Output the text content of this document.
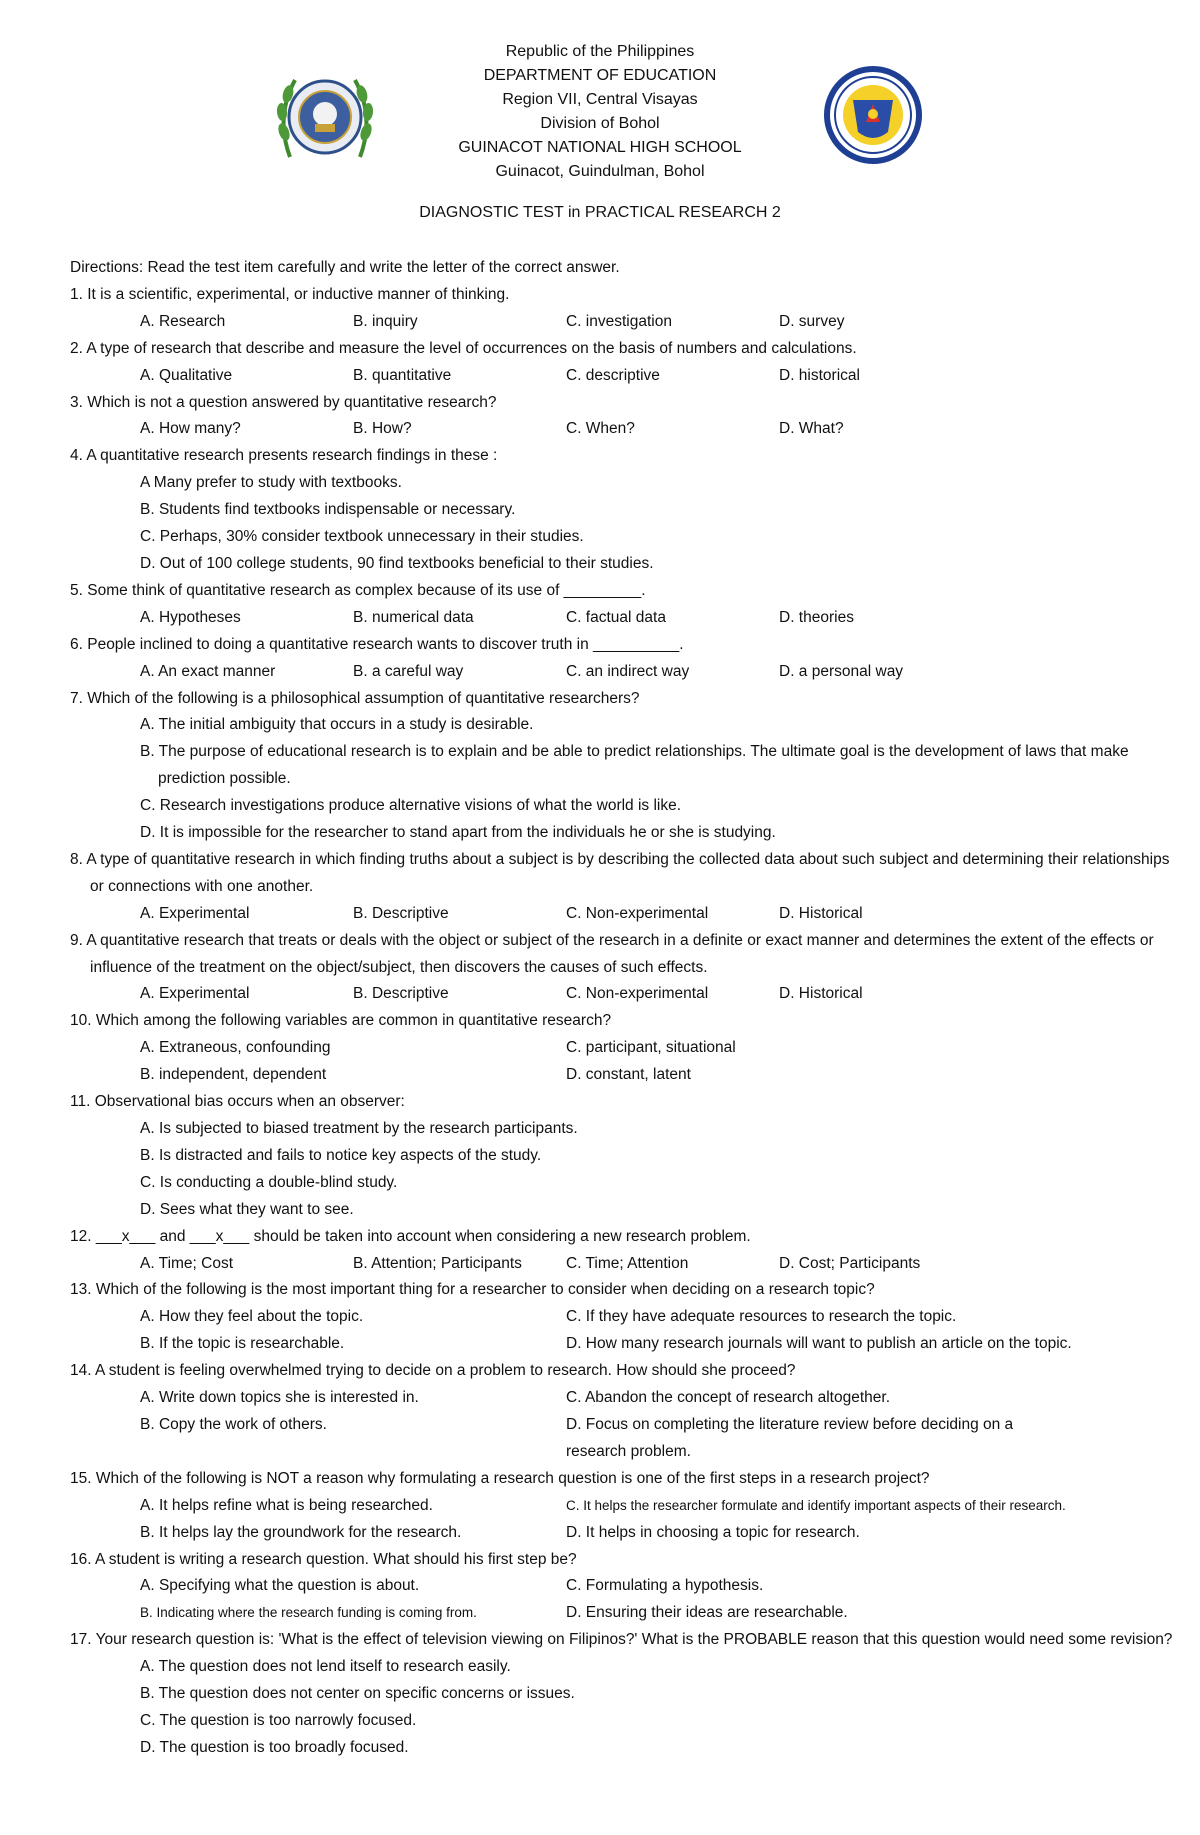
Republic of the Philippines
DEPARTMENT OF EDUCATION
Region VII, Central Visayas
Division of Bohol
GUINACOT NATIONAL HIGH SCHOOL
Guinacot, Guindulman, Bohol
DIAGNOSTIC TEST in PRACTICAL RESEARCH 2
Directions: Read the test item carefully and write the letter of the correct answer.
1. It is a scientific, experimental, or inductive manner of thinking.
A. Research	B. inquiry	C. investigation	D. survey
2. A type of research that describe and measure the level of occurrences on the basis of numbers and calculations.
A. Qualitative	B. quantitative	C. descriptive	D. historical
3. Which is not a question answered by quantitative research?
A. How many?	B. How?	C. When?	D. What?
4. A quantitative research presents research findings in these :
A Many prefer to study with textbooks.
B. Students find textbooks indispensable or necessary.
C. Perhaps, 30% consider textbook unnecessary in their studies.
D. Out of 100 college students, 90 find textbooks beneficial to their studies.
5. Some think of quantitative research as complex because of its use of _________.
A. Hypotheses	B. numerical data	C. factual data	D. theories
6. People inclined to doing a quantitative research wants to discover truth in __________.
A. An exact manner	B. a careful way	C. an indirect way	D. a personal way
7. Which of the following is a philosophical assumption of quantitative researchers?
A. The initial ambiguity that occurs in a study is desirable.
B. The purpose of educational research is to explain and be able to predict relationships. The ultimate goal is the development of laws that make prediction possible.
C. Research investigations produce alternative visions of what the world is like.
D. It is impossible for the researcher to stand apart from the individuals he or she is studying.
8. A type of quantitative research in which finding truths about a subject is by describing the collected data about such subject and determining their relationships or connections with one another.
A. Experimental	B. Descriptive	C. Non-experimental	D. Historical
9. A quantitative research that treats or deals with the object or subject of the research in a definite or exact manner and determines the extent of the effects or influence of the treatment on the object/subject, then discovers the causes of such effects.
A. Experimental	B. Descriptive	C. Non-experimental	D. Historical
10. Which among the following variables are common in quantitative research?
A. Extraneous, confounding	C. participant, situational
B. independent, dependent	D. constant, latent
11. Observational bias occurs when an observer:
A. Is subjected to biased treatment by the research participants.
B. Is distracted and fails to notice key aspects of the study.
C. Is conducting a double-blind study.
D. Sees what they want to see.
12. ___x___ and ___x___ should be taken into account when considering a new research problem.
A. Time; Cost	B. Attention; Participants	C. Time; Attention	D. Cost; Participants
13. Which of the following is the most important thing for a researcher to consider when deciding on a research topic?
A. How they feel about the topic.	C. If they have adequate resources to research the topic.
B. If the topic is researchable.	D. How many research journals will want to publish an article on the topic.
14. A student is feeling overwhelmed trying to decide on a problem to research. How should she proceed?
A. Write down topics she is interested in.	C. Abandon the concept of research altogether.
B. Copy the work of others.	D. Focus on completing the literature review before deciding on a research problem.
15. Which of the following is NOT a reason why formulating a research question is one of the first steps in a research project?
A. It helps refine what is being researched.	C. It helps the researcher formulate and identify important aspects of their research.
B. It helps lay the groundwork for the research.	D. It helps in choosing a topic for research.
16. A student is writing a research question. What should his first step be?
A. Specifying what the question is about.	C. Formulating a hypothesis.
B. Indicating where the research funding is coming from.	D. Ensuring their ideas are researchable.
17. Your research question is: 'What is the effect of television viewing on Filipinos?' What is the PROBABLE reason that this question would need some revision?
A. The question does not lend itself to research easily.
B. The question does not center on specific concerns or issues.
C. The question is too narrowly focused.
D. The question is too broadly focused.
